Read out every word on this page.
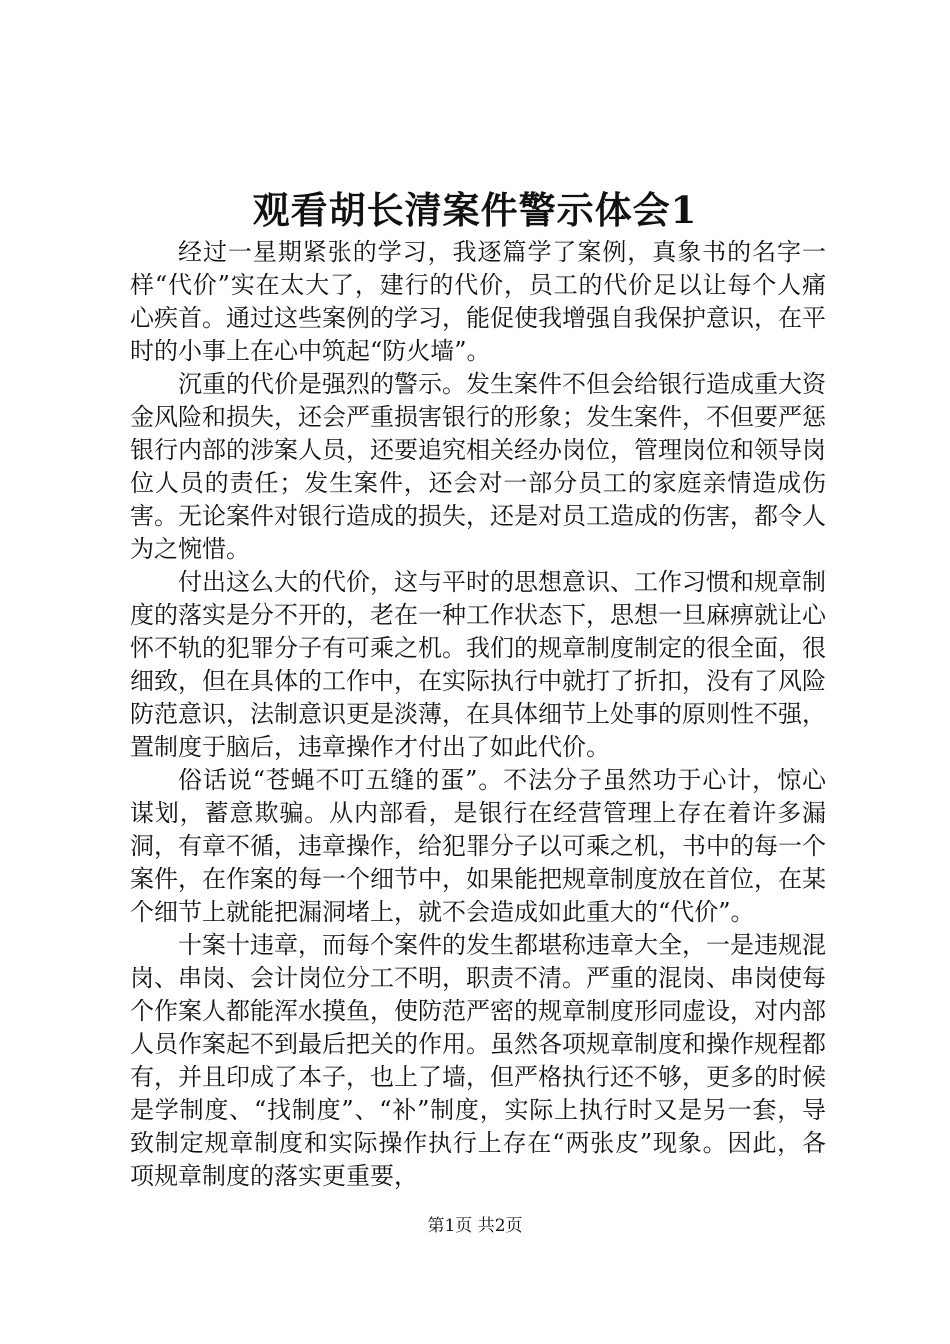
观看胡长清案件警示体会1

经过一星期紧张的学习，我逐篇学了案例，真象书的名字一样“代价”实在太大了，建行的代价，员工的代价足以让每个人痛心疾首。通过这些案例的学习，能促使我增强自我保护意识，在平时的小事上在心中筑起“防火墙”。

沉重的代价是强烈的警示。发生案件不但会给银行造成重大资金风险和损失，还会严重损害银行的形象；发生案件，不但要严惩银行内部的涉案人员，还要追究相关经办岗位，管理岗位和领导岗位人员的责任；发生案件，还会对一部分员工的家庭亲情造成伤害。无论案件对银行造成的损失，还是对员工造成的伤害，都令人为之惋惜。

付出这么大的代价，这与平时的思想意识、工作习惯和规章制度的落实是分不开的，老在一种工作状态下，思想一旦麻痹就让心怀不轨的犯罪分子有可乘之机。我们的规章制度制定的很全面，很细致，但在具体的工作中，在实际执行中就打了折扣，没有了风险防范意识，法制意识更是淡薄，在具体细节上处事的原则性不强，置制度于脑后，违章操作才付出了如此代价。

俗话说“苍蝇不叮五缝的蛋”。不法分子虽然功于心计，惊心谋划，蓄意欺骗。从内部看，是银行在经营管理上存在着许多漏洞，有章不循，违章操作，给犯罪分子以可乘之机，书中的每一个案件，在作案的每一个细节中，如果能把规章制度放在首位，在某个细节上就能把漏洞堵上，就不会造成如此重大的“代价”。

十案十违章，而每个案件的发生都堪称违章大全，一是违规混岗、串岗、会计岗位分工不明，职责不清。严重的混岗、串岗使每个作案人都能浑水摸鱼，使防范严密的规章制度形同虚设，对内部人员作案起不到最后把关的作用。虽然各项规章制度和操作规程都有，并且印成了本子，也上了墙，但严格执行还不够，更多的时候是学制度、“找制度”、“补”制度，实际上执行时又是另一套，导致制定规章制度和实际操作执行上存在“两张皮”现象。因此，各项规章制度的落实更重要，

第1页 共2页
